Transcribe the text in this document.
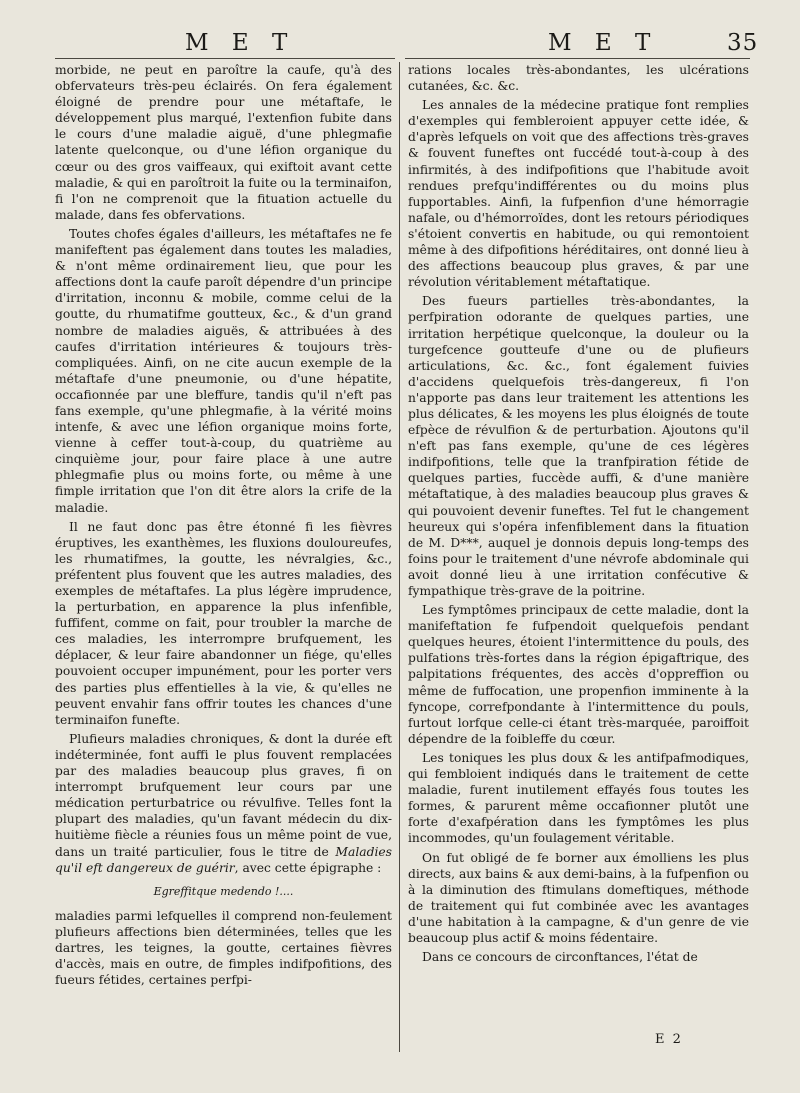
M E T	M E T	35

morbide, ne peut en paroître la caufe, qu'à des obfervateurs très-peu éclairés. On fera également éloigné de prendre pour une métaftafe, le développement plus marqué, l'extenfion fubite dans le cours d'une maladie aiguë, d'une phlegmafie latente quelconque, ou d'une léfion organique du cœur ou des gros vaiffeaux, qui exiftoit avant cette maladie, & qui en paroîtroit la fuite ou la terminaifon, fi l'on ne comprenoit que la fituation actuelle du malade, dans fes obfervations.

Toutes chofes égales d'ailleurs, les métaftafes ne fe manifeftent pas également dans toutes les maladies, & n'ont même ordinairement lieu, que pour les affections dont la caufe paroît dépendre d'un principe d'irritation, inconnu & mobile, comme celui de la goutte, du rhumatifme goutteux, &c., & d'un grand nombre de maladies aiguës, & attribuées à des caufes d'irritation intérieures & toujours très-compliquées. Ainfi, on ne cite aucun exemple de la métaftafe d'une pneumonie, ou d'une hépatite, occafionnée par une bleffure, tandis qu'il n'eft pas fans exemple, qu'une phlegmafie, à la vérité moins intenfe, & avec une léfion organique moins forte, vienne à ceffer tout-à-coup, du quatrième au cinquième jour, pour faire place à une autre phlegmafie plus ou moins forte, ou même à une fimple irritation que l'on dit être alors la crife de la maladie.

Il ne faut donc pas être étonné fi les fièvres éruptives, les exanthèmes, les fluxions douloureufes, les rhumatifmes, la goutte, les névralgies, &c., préfentent plus fouvent que les autres maladies, des exemples de métaftafes. La plus légère imprudence, la perturbation, en apparence la plus infenfible, fuffifent, comme on fait, pour troubler la marche de ces maladies, les interrompre brufquement, les déplacer, & leur faire abandonner un fiége, qu'elles pouvoient occuper impunément, pour les porter vers des parties plus effentielles à la vie, & qu'elles ne peuvent envahir fans offrir toutes les chances d'une terminaifon funefte.

Plufieurs maladies chroniques, & dont la durée eft indéterminée, font auffi le plus fouvent remplacées par des maladies beaucoup plus graves, fi on interrompt brufquement leur cours par une médication perturbatrice ou révulfive. Telles font la plupart des maladies, qu'un favant médecin du dix-huitième fiècle a réunies fous un même point de vue, dans un traité particulier, fous le titre de Maladies qu'il eft dangereux de guérir, avec cette épigraphe :

Egreffitque medendo !....

maladies parmi lefquelles il comprend non-feulement plufieurs affections bien déterminées, telles que les dartres, les teignes, la goutte, certaines fièvres d'accès, mais en outre, de fimples indifpofitions, des fueurs fétides, certaines perfpi-

rations locales très-abondantes, les ulcérations cutanées, &c. &c.

Les annales de la médecine pratique font remplies d'exemples qui fembleroient appuyer cette idée, & d'après lefquels on voit que des affections très-graves & fouvent funeftes ont fuccédé tout-à-coup à des infirmités, à des indifpofitions que l'habitude avoit rendues prefqu'indifférentes ou du moins plus fupportables. Ainfi, la fufpenfion d'une hémorragie nafale, ou d'hémorroïdes, dont les retours périodiques s'étoient convertis en habitude, ou qui remontoient même à des difpofitions héréditaires, ont donné lieu à des affections beaucoup plus graves, & par une révolution véritablement métaftatique.

Des fueurs partielles très-abondantes, la perfpiration odorante de quelques parties, une irritation herpétique quelconque, la douleur ou la turgefcence goutteufe d'une ou de plufieurs articulations, &c. &c., font également fuivies d'accidens quelquefois très-dangereux, fi l'on n'apporte pas dans leur traitement les attentions les plus délicates, & les moyens les plus éloignés de toute efpèce de révulfion & de perturbation. Ajoutons qu'il n'eft pas fans exemple, qu'une de ces légères indifpofitions, telle que la tranfpiration fétide de quelques parties, fuccède auffi, & d'une manière métaftatique, à des maladies beaucoup plus graves & qui pouvoient devenir funeftes. Tel fut le changement heureux qui s'opéra infenfiblement dans la fituation de M. D***, auquel je donnois depuis long-temps des foins pour le traitement d'une névrofe abdominale qui avoit donné lieu à une irritation confécutive & fympathique très-grave de la poitrine.

Les fymptômes principaux de cette maladie, dont la manifeftation fe fufpendoit quelquefois pendant quelques heures, étoient l'intermittence du pouls, des pulfations très-fortes dans la région épigaftrique, des palpitations fréquentes, des accès d'oppreffion ou même de fuffocation, une propenfion imminente à la fyncope, correfpondante à l'intermittence du pouls, furtout lorfque celle-ci étant très-marquée, paroiffoit dépendre de la foibleffe du cœur.

Les toniques les plus doux & les antifpafmodiques, qui fembloient indiqués dans le traitement de cette maladie, furent inutilement effayés fous toutes les formes, & parurent même occafionner plutôt une forte d'exafpération dans les fymptômes les plus incommodes, qu'un foulagement véritable.

On fut obligé de fe borner aux émolliens les plus directs, aux bains & aux demi-bains, à la fufpenfion ou à la diminution des ftimulans domeftiques, méthode de traitement qui fut combinée avec les avantages d'une habitation à la campagne, & d'un genre de vie beaucoup plus actif & moins fédentaire.

Dans ce concours de circonftances, l'état de

E 2
